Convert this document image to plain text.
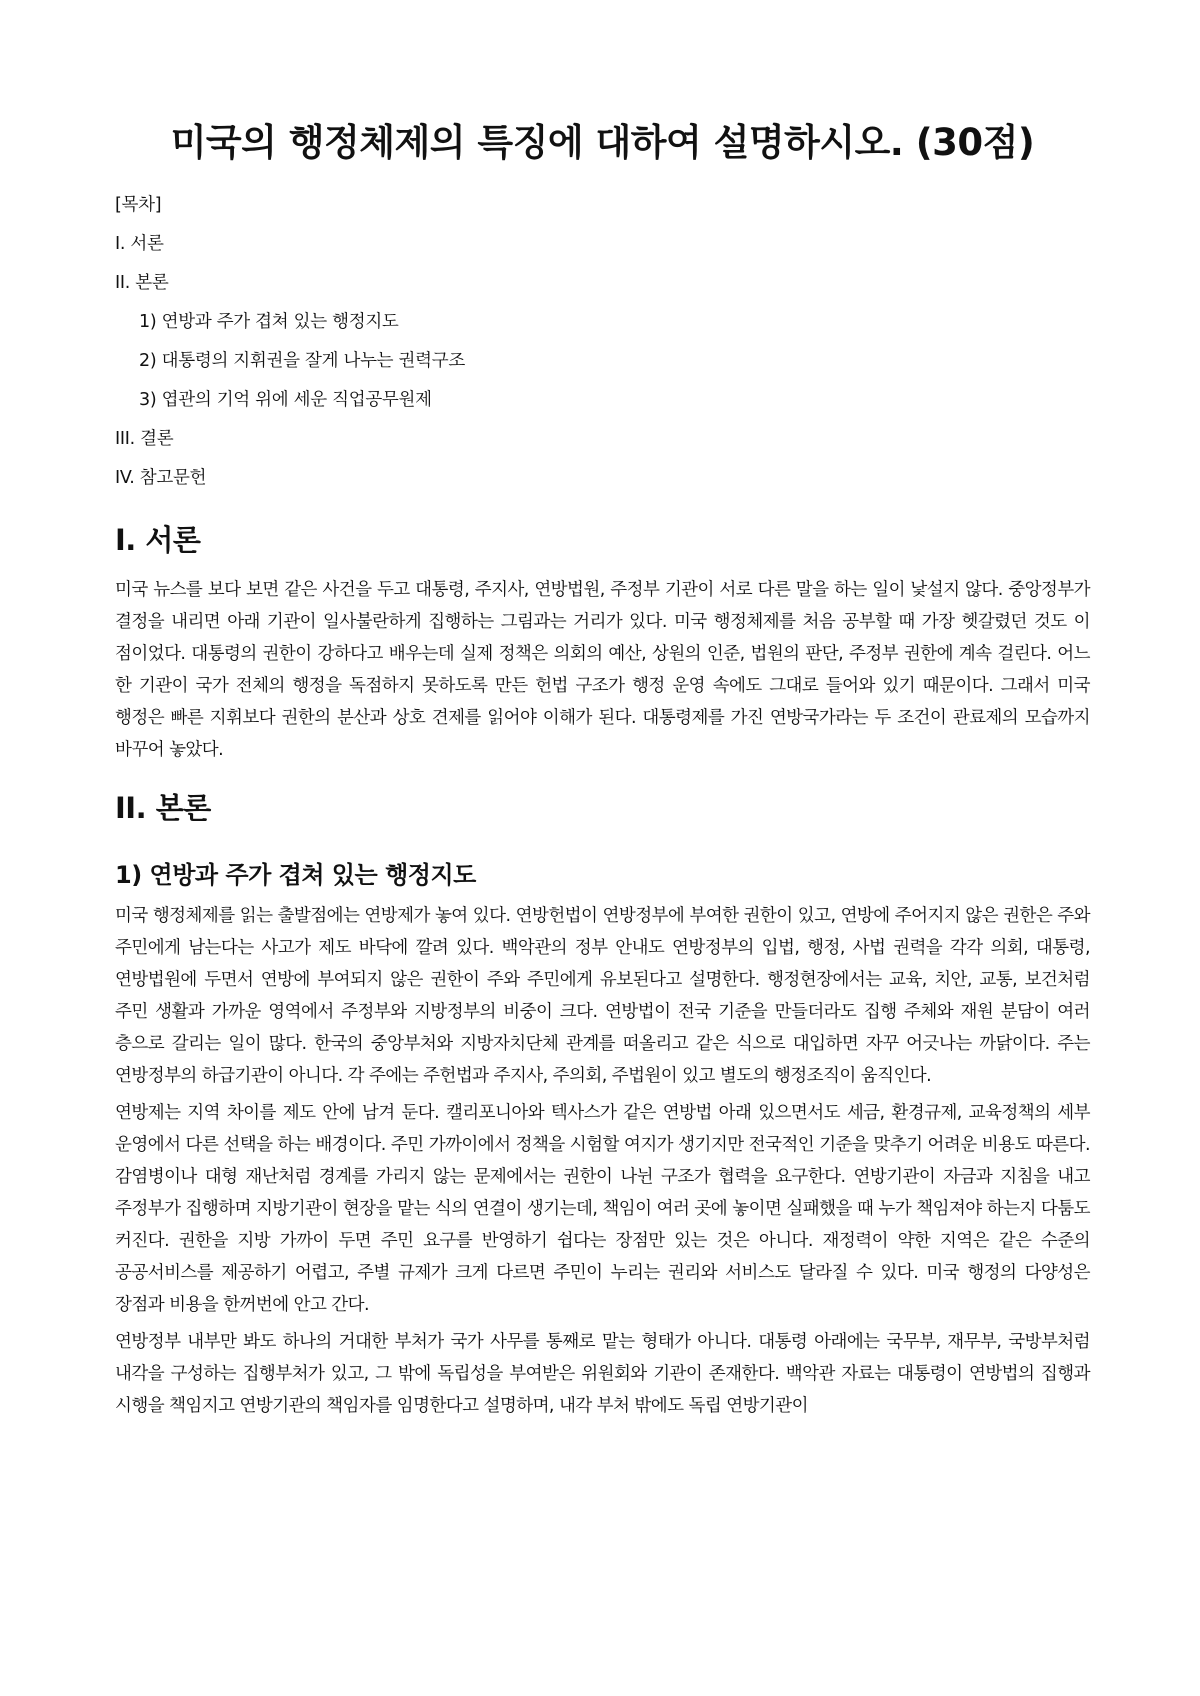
미국의 행정체제의 특징에 대하여 설명하시오. (30점)
[목차]
I. 서론
II. 본론
1) 연방과 주가 겹쳐 있는 행정지도
2) 대통령의 지휘권을 잘게 나누는 권력구조
3) 엽관의 기억 위에 세운 직업공무원제
III. 결론
IV. 참고문헌
I. 서론

미국 뉴스를 보다 보면 같은 사건을 두고 대통령, 주지사, 연방법원, 주정부 기관이 서로 다른 말을 하는 일이 낯설지 않다. 중앙정부가 결정을 내리면 아래 기관이 일사불란하게 집행하는 그림과는 거리가 있다. 미국 행정체제를 처음 공부할 때 가장 헷갈렸던 것도 이 점이었다. 대통령의 권한이 강하다고 배우는데 실제 정책은 의회의 예산, 상원의 인준, 법원의 판단, 주정부 권한에 계속 걸린다. 어느 한 기관이 국가 전체의 행정을 독점하지 못하도록 만든 헌법 구조가 행정 운영 속에도 그대로 들어와 있기 때문이다. 그래서 미국 행정은 빠른 지휘보다 권한의 분산과 상호 견제를 읽어야 이해가 된다. 대통령제를 가진 연방국가라는 두 조건이 관료제의 모습까지 바꾸어 놓았다.

II. 본론
1) 연방과 주가 겹쳐 있는 행정지도

미국 행정체제를 읽는 출발점에는 연방제가 놓여 있다. 연방헌법이 연방정부에 부여한 권한이 있고, 연방에 주어지지 않은 권한은 주와 주민에게 남는다는 사고가 제도 바닥에 깔려 있다. 백악관의 정부 안내도 연방정부의 입법, 행정, 사법 권력을 각각 의회, 대통령, 연방법원에 두면서 연방에 부여되지 않은 권한이 주와 주민에게 유보된다고 설명한다. 행정현장에서는 교육, 치안, 교통, 보건처럼 주민 생활과 가까운 영역에서 주정부와 지방정부의 비중이 크다. 연방법이 전국 기준을 만들더라도 집행 주체와 재원 분담이 여러 층으로 갈리는 일이 많다. 한국의 중앙부처와 지방자치단체 관계를 떠올리고 같은 식으로 대입하면 자꾸 어긋나는 까닭이다. 주는 연방정부의 하급기관이 아니다. 각 주에는 주헌법과 주지사, 주의회, 주법원이 있고 별도의 행정조직이 움직인다.

연방제는 지역 차이를 제도 안에 남겨 둔다. 캘리포니아와 텍사스가 같은 연방법 아래 있으면서도 세금, 환경규제, 교육정책의 세부 운영에서 다른 선택을 하는 배경이다. 주민 가까이에서 정책을 시험할 여지가 생기지만 전국적인 기준을 맞추기 어려운 비용도 따른다. 감염병이나 대형 재난처럼 경계를 가리지 않는 문제에서는 권한이 나뉜 구조가 협력을 요구한다. 연방기관이 자금과 지침을 내고 주정부가 집행하며 지방기관이 현장을 맡는 식의 연결이 생기는데, 책임이 여러 곳에 놓이면 실패했을 때 누가 책임져야 하는지 다툼도 커진다. 권한을 지방 가까이 두면 주민 요구를 반영하기 쉽다는 장점만 있는 것은 아니다. 재정력이 약한 지역은 같은 수준의 공공서비스를 제공하기 어렵고, 주별 규제가 크게 다르면 주민이 누리는 권리와 서비스도 달라질 수 있다. 미국 행정의 다양성은 장점과 비용을 한꺼번에 안고 간다.

연방정부 내부만 봐도 하나의 거대한 부처가 국가 사무를 통째로 맡는 형태가 아니다. 대통령 아래에는 국무부, 재무부, 국방부처럼 내각을 구성하는 집행부처가 있고, 그 밖에 독립성을 부여받은 위원회와 기관이 존재한다. 백악관 자료는 대통령이 연방법의 집행과 시행을 책임지고 연방기관의 책임자를 임명한다고 설명하며, 내각 부처 밖에도 독립 연방기관이
